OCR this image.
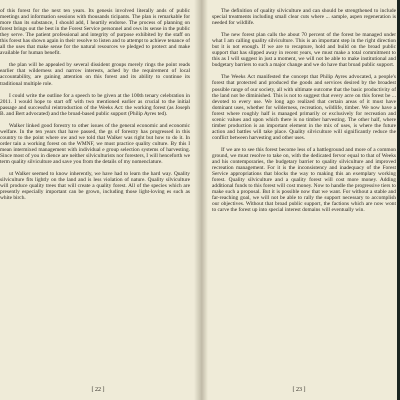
of this forest for the next ten years. Its genesis involved literally ands of public meetings and information sessions with thousands ticipants. The plan is remarkable for more than its substance, I should add, I heartily endorse. The process of planning on forest brings out the best in the Forest Service personnel and ows its sense in the public they serve. The patient professional and integrity of purpose exhibited by the staff on this forest has shown again in their resolve to listen and to attempt to achieve tenance of all the uses that make sense for the natural resources ve pledged to protect and make available for human benefit.

the plan will be appealed by several dissident groups merely rings the point reads earlier that wilderness and narrow interests, ached by the requirement of local accountability, are gaining attention on this forest and its ability to continue its traditional multiple role.

I could write the outline for a speech to be given at the 100th tenary celebration in 2011. I would hope to start off with two mentioned earlier as crucial to the initial passage and successful reintroduction of the Weeks Act: the working forest (as Joseph B. and Bert advocated) and the broad-based public support (Philip Ayres ted).

Walker linked good forestry to other issues of the general economic and economic welfare. In the ten years that have passed, the gs of forestry has progressed in this country to the point where ow and we told that Walker was right but how to do it. In order tain a working forest on the WMNF, we must practice quality culture. By this I mean intermixed management with individual e group selection systems of harvesting. Since most of you in dience are neither silviculturists nor foresters, I will henceforth we term quality silviculture and save you from the details of my nomenclature.

ut Walker seemed to know inherently, we have had to learn the hard way. Quality silviculture fits lightly on the land and is less violation of nature. Quality silviculture will produce quality trees that will create a quality forest. All of the species which are presently especially important can be grown, including those light-loving es such as white birch.

The definition of quality silviculture and can should be strengthened to include special treatments including small clear cuts where ... sample, aspen regeneration is needed for wildlife.

The new forest plan calls the about 70 percent of the forest be managed under what I am calling quality silviculture. This is an important step in the right direction but it is not enough. If we are to recapture, hold and build on the broad public support that has slipped away in recent years, we must make a total commitment to this as I will suggest in just a moment, we will not be able to make institutional and budgetary barriers to such a major change and we do have that broad public support.

The Weeks Act manifested the concept that Philip Ayres advocated, a people's forest that protected and produced the goods and services desired by the broadest possible range of our society, all with ultimate outcome that the basic productivity of the land not be diminished. This is not to suggest that every acre on this forest be ... devoted to every use. We long ago realized that certain areas of it must have dominant uses, whether for wilderness, recreation, wildlife, timber. We now have a forest where roughly half is managed primarily or exclusively for recreation and scenic values and upon which there is no timber harvesting. The other half, where timber production is an important element in the mix of uses, is where the future action and battles will take place. Quality silviculture will significantly reduce the conflict between harvesting and other uses.

If we are to see this forest become less of a battleground and more of a common ground, we must resolve to take on, with the dedicated fervor equal to that of Weeks and his contemporaries, the budgetary barrier to quality silviculture and improved recreation management. For it is the inconsistency and inadequacy of the Forest Service appropriations that blocks the way to making this an exemplary working forest. Quality silviculture and a quality forest will cost more money. Adding additional funds to this forest will cost money. Now to handle the progressive tiers to make such a proposal. But it is possible now that we want. For without a stable and far-reaching goal, we will not be able to rally the support necessary to accomplish our objectives. Without that broad public support, the factions which are now wont to carve the forest up into special interest domains will eventually win.

[ 22 ]	[ 23 ]
